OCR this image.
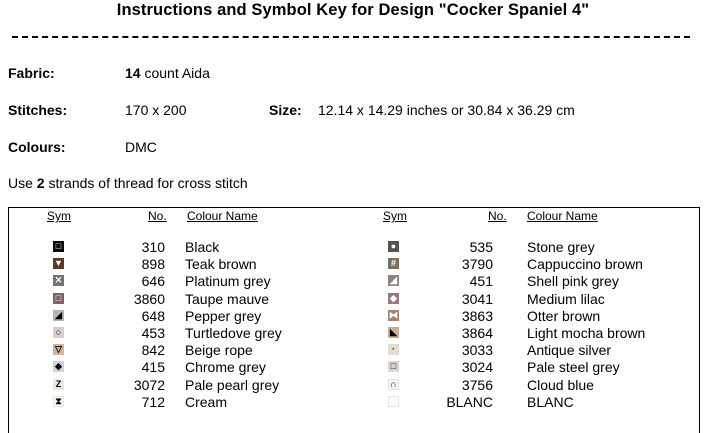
Instructions and Symbol Key for Design "Cocker Spaniel 4"
Fabric:	14 count Aida
Stitches:	170 x 200	Size: 12.14 x 14.29 inches or 30.84 x 36.29 cm
Colours:	DMC
Use 2 strands of thread for cross stitch
Sym	No. Colour Name	Sym	No. Colour Name
□	310 Black
▼	898 Teak brown
✕	646 Platinum grey
□	3860 Taupe mauve
◢	648 Pepper grey
○	453 Turtledove grey
▽	842 Beige rope
◆	415 Chrome grey
Z	3072 Pale pearl grey
⧗	712 Cream
●	535 Stone grey
#	3790 Cappuccino brown
◢	451 Shell pink grey
◆	3041 Medium lilac
⧓	3863 Otter brown
◣	3864 Light mocha brown
·	3033 Antique silver
□	3024 Pale steel grey
∩	3756 Cloud blue
BLANC BLANC
